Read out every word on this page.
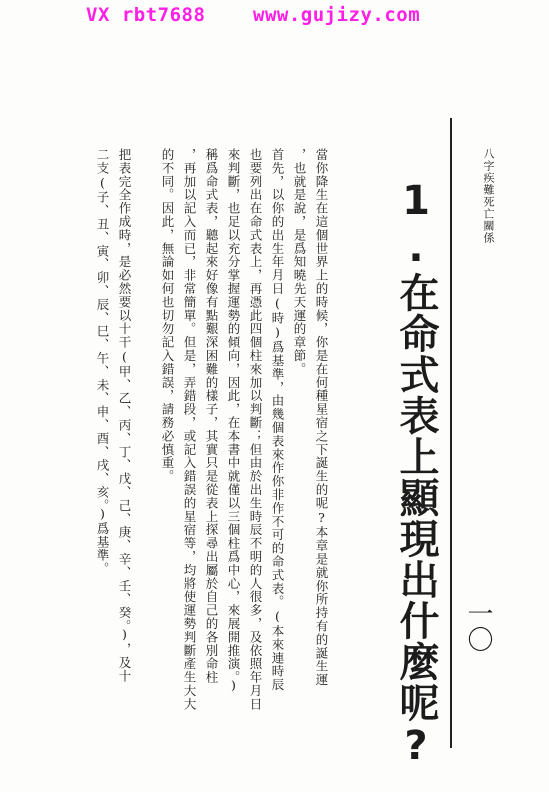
VX rbt7688	www.gujizy.com
八字疾難死亡關係
一〇
1.在命式表上顯現出什麼呢?
當你降生在這個世界上的時候，你是在何種星宿之下誕生的呢?本章是就你所持有的誕生運
，也就是說，是爲知曉先天運的章節。
首先，以你的出生年月日(時)爲基準，由幾個表來作你非作不可的命式表。(本來連時辰
也要列出在命式表上，再憑此四個柱來加以判斷；但由於出生時辰不明的人很多，及依照年月日
來判斷，也足以充分掌握運勢的傾向，因此，在本書中就僅以三個柱爲中心，來展開推演。)
稱爲命式表，聽起來好像有點艱深困難的樣子，其實只是從表上探尋出屬於自己的各別命柱
，再加以記入而已，非常簡單。但是，弄錯段，或記入錯誤的星宿等，均將使運勢判斷產生大大
的不同。因此，無論如何也切勿記入錯誤，請務必慎重。
把表完全作成時，是必然要以十干(甲、乙、丙、丁、戊、己、庚、辛、壬、癸。)，及十
二支(子、丑、寅、卯、辰、巳、午、未、申、酉、戌、亥。)爲基準。
